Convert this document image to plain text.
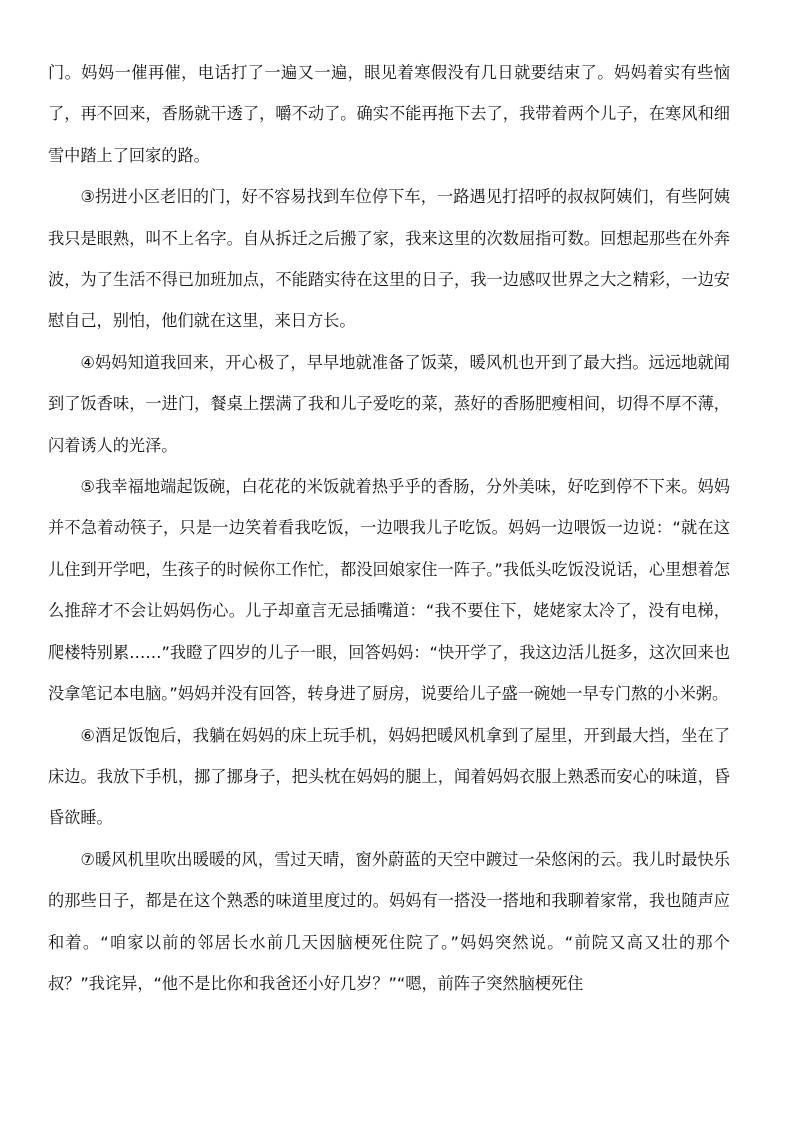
门。妈妈一催再催，电话打了一遍又一遍，眼见着寒假没有几日就要结束了。妈妈着实有些恼了，再不回来，香肠就干透了，嚼不动了。确实不能再拖下去了，我带着两个儿子，在寒风和细雪中踏上了回家的路。

③拐进小区老旧的门，好不容易找到车位停下车，一路遇见打招呼的叔叔阿姨们，有些阿姨我只是眼熟，叫不上名字。自从拆迁之后搬了家，我来这里的次数屈指可数。回想起那些在外奔波，为了生活不得已加班加点，不能踏实待在这里的日子，我一边感叹世界之大之精彩，一边安慰自己，别怕，他们就在这里，来日方长。

④妈妈知道我回来，开心极了，早早地就准备了饭菜，暖风机也开到了最大挡。远远地就闻到了饭香味，一进门，餐桌上摆满了我和儿子爱吃的菜，蒸好的香肠肥瘦相间，切得不厚不薄，闪着诱人的光泽。

⑤我幸福地端起饭碗，白花花的米饭就着热乎乎的香肠，分外美味，好吃到停不下来。妈妈并不急着动筷子，只是一边笑着看我吃饭，一边喂我儿子吃饭。妈妈一边喂饭一边说：“就在这儿住到开学吧，生孩子的时候你工作忙，都没回娘家住一阵子。”我低头吃饭没说话，心里想着怎么推辞才不会让妈妈伤心。儿子却童言无忌插嘴道：“我不要住下，姥姥家太冷了，没有电梯，爬楼特别累……”我瞪了四岁的儿子一眼，回答妈妈：“快开学了，我这边活儿挺多，这次回来也没拿笔记本电脑。”妈妈并没有回答，转身进了厨房，说要给儿子盛一碗她一早专门熬的小米粥。

⑥酒足饭饱后，我躺在妈妈的床上玩手机，妈妈把暖风机拿到了屋里，开到最大挡，坐在了床边。我放下手机，挪了挪身子，把头枕在妈妈的腿上，闻着妈妈衣服上熟悉而安心的味道，昏昏欲睡。

⑦暖风机里吹出暖暖的风，雪过天晴，窗外蔚蓝的天空中踱过一朵悠闲的云。我儿时最快乐的那些日子，都是在这个熟悉的味道里度过的。妈妈有一搭没一搭地和我聊着家常，我也随声应和着。“咱家以前的邻居长水前几天因脑梗死住院了。”妈妈突然说。“前院又高又壮的那个叔？”我诧异，“他不是比你和我爸还小好几岁？”“嗯，前阵子突然脑梗死住
